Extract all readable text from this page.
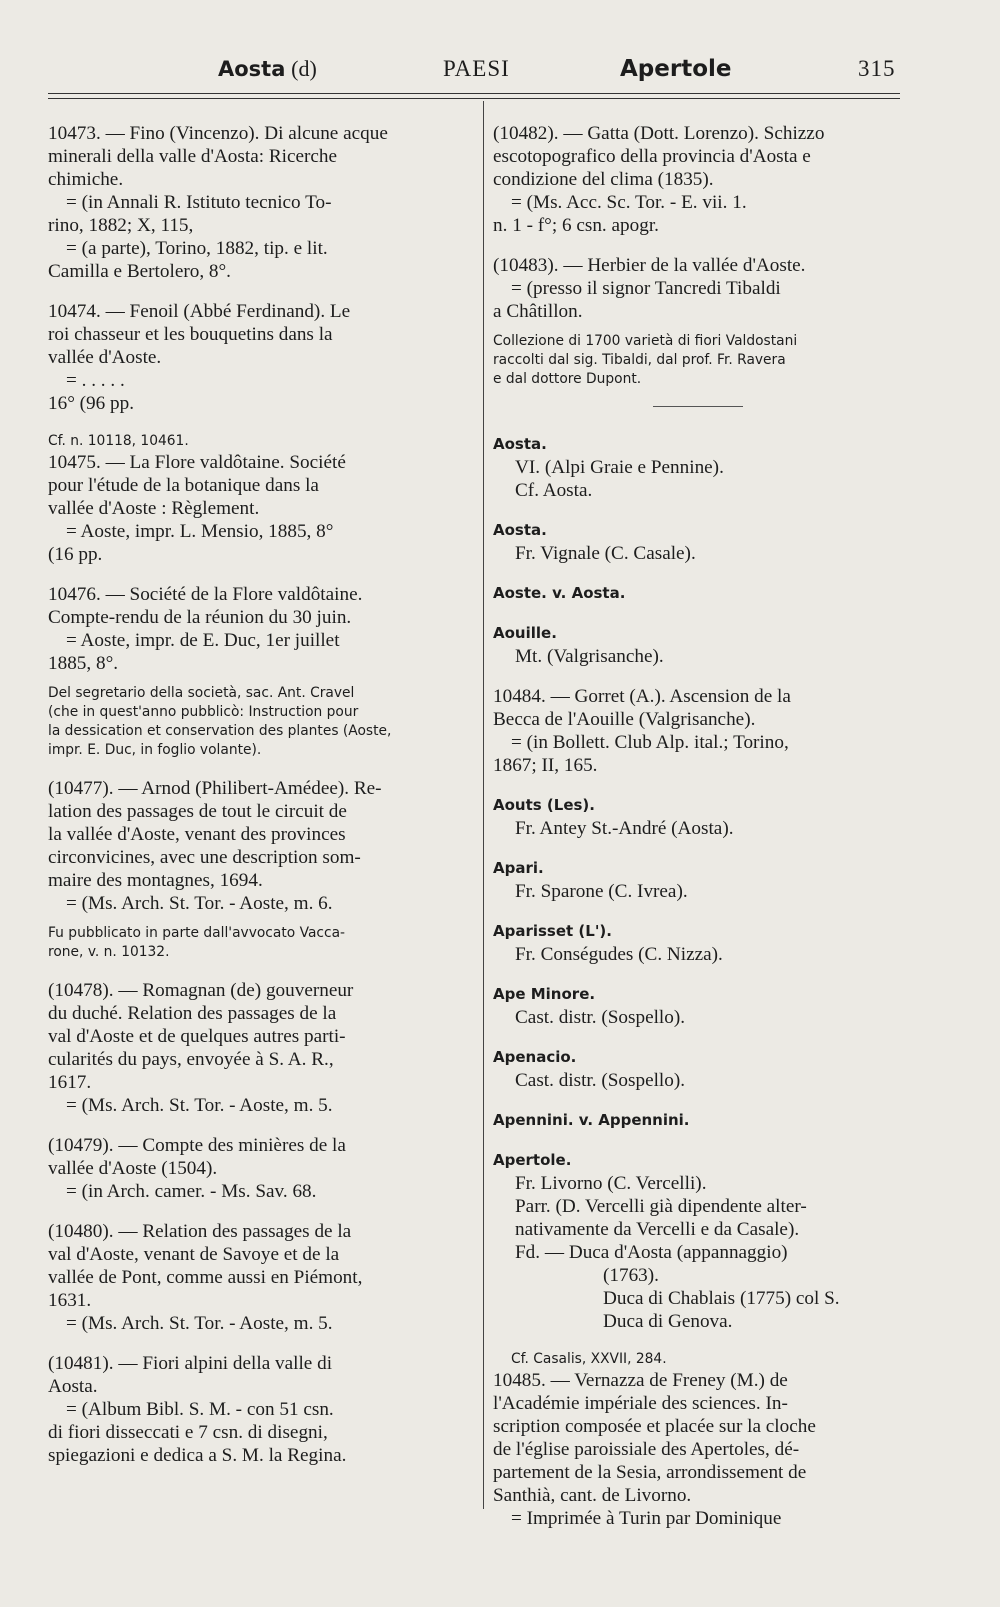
Aosta (d)	PAESI	Apertole	315

10473. — Fino (Vincenzo). Di alcune acque

minerali della valle d'Aosta: Ricerche

chimiche.

= (in Annali R. Istituto tecnico To-

rino, 1882; X, 115,

= (a parte), Torino, 1882, tip. e lit.

Camilla e Bertolero, 8°.

10474. — Fenoil (Abbé Ferdinand). Le

roi chasseur et les bouquetins dans la

vallée d'Aoste.

= . . . . .

16° (96 pp.

Cf. n. 10118, 10461.

10475. — La Flore valdôtaine. Société

pour l'étude de la botanique dans la

vallée d'Aoste : Règlement.

= Aoste, impr. L. Mensio, 1885, 8°

(16 pp.

10476. — Société de la Flore valdôtaine.

Compte-rendu de la réunion du 30 juin.

= Aoste, impr. de E. Duc, 1er juillet

1885, 8°.

Del segretario della società, sac. Ant. Cravel

(che in quest'anno pubblicò: Instruction pour

la dessication et conservation des plantes (Aoste,

impr. E. Duc, in foglio volante).

(10477). — Arnod (Philibert-Amédee). Re-

lation des passages de tout le circuit de

la vallée d'Aoste, venant des provinces

circonvicines, avec une description som-

maire des montagnes, 1694.

= (Ms. Arch. St. Tor. - Aoste, m. 6.

Fu pubblicato in parte dall'avvocato Vacca-

rone, v. n. 10132.

(10478). — Romagnan (de) gouverneur

du duché. Relation des passages de la

val d'Aoste et de quelques autres parti-

cularités du pays, envoyée à S. A. R.,

1617.

= (Ms. Arch. St. Tor. - Aoste, m. 5.

(10479). — Compte des minières de la

vallée d'Aoste (1504).

= (in Arch. camer. - Ms. Sav. 68.

(10480). — Relation des passages de la

val d'Aoste, venant de Savoye et de la

vallée de Pont, comme aussi en Piémont,

1631.

= (Ms. Arch. St. Tor. - Aoste, m. 5.

(10481). — Fiori alpini della valle di

Aosta.

= (Album Bibl. S. M. - con 51 csn.

di fiori disseccati e 7 csn. di disegni,

spiegazioni e dedica a S. M. la Regina.

(10482). — Gatta (Dott. Lorenzo). Schizzo

escotopografico della provincia d'Aosta e

condizione del clima (1835).

= (Ms. Acc. Sc. Tor. - E. vii. 1.

n. 1 - f°; 6 csn. apogr.

(10483). — Herbier de la vallée d'Aoste.

= (presso il signor Tancredi Tibaldi

a Châtillon.

Collezione di 1700 varietà di fiori Valdostani

raccolti dal sig. Tibaldi, dal prof. Fr. Ravera

e dal dottore Dupont.

Aosta.

VI. (Alpi Graie e Pennine).

Cf. Aosta.

Aosta.

Fr. Vignale (C. Casale).

Aoste. v. Aosta.

Aouille.

Mt. (Valgrisanche).

10484. — Gorret (A.). Ascension de la

Becca de l'Aouille (Valgrisanche).

= (in Bollett. Club Alp. ital.; Torino,

1867; II, 165.

Aouts (Les).

Fr. Antey St.-André (Aosta).

Apari.

Fr. Sparone (C. Ivrea).

Aparisset (L').

Fr. Conségudes (C. Nizza).

Ape Minore.

Cast. distr. (Sospello).

Apenacio.

Cast. distr. (Sospello).

Apennini. v. Appennini.

Apertole.

Fr. Livorno (C. Vercelli).

Parr. (D. Vercelli già dipendente alter-

nativamente da Vercelli e da Casale).

Fd. — Duca d'Aosta (appannaggio)

(1763).

Duca di Chablais (1775) col S.

Duca di Genova.

Cf. Casalis, XXVII, 284.

10485. — Vernazza de Freney (M.) de

l'Académie impériale des sciences. In-

scription composée et placée sur la cloche

de l'église paroissiale des Apertoles, dé-

partement de la Sesia, arrondissement de

Santhià, cant. de Livorno.

= Imprimée à Turin par Dominique
